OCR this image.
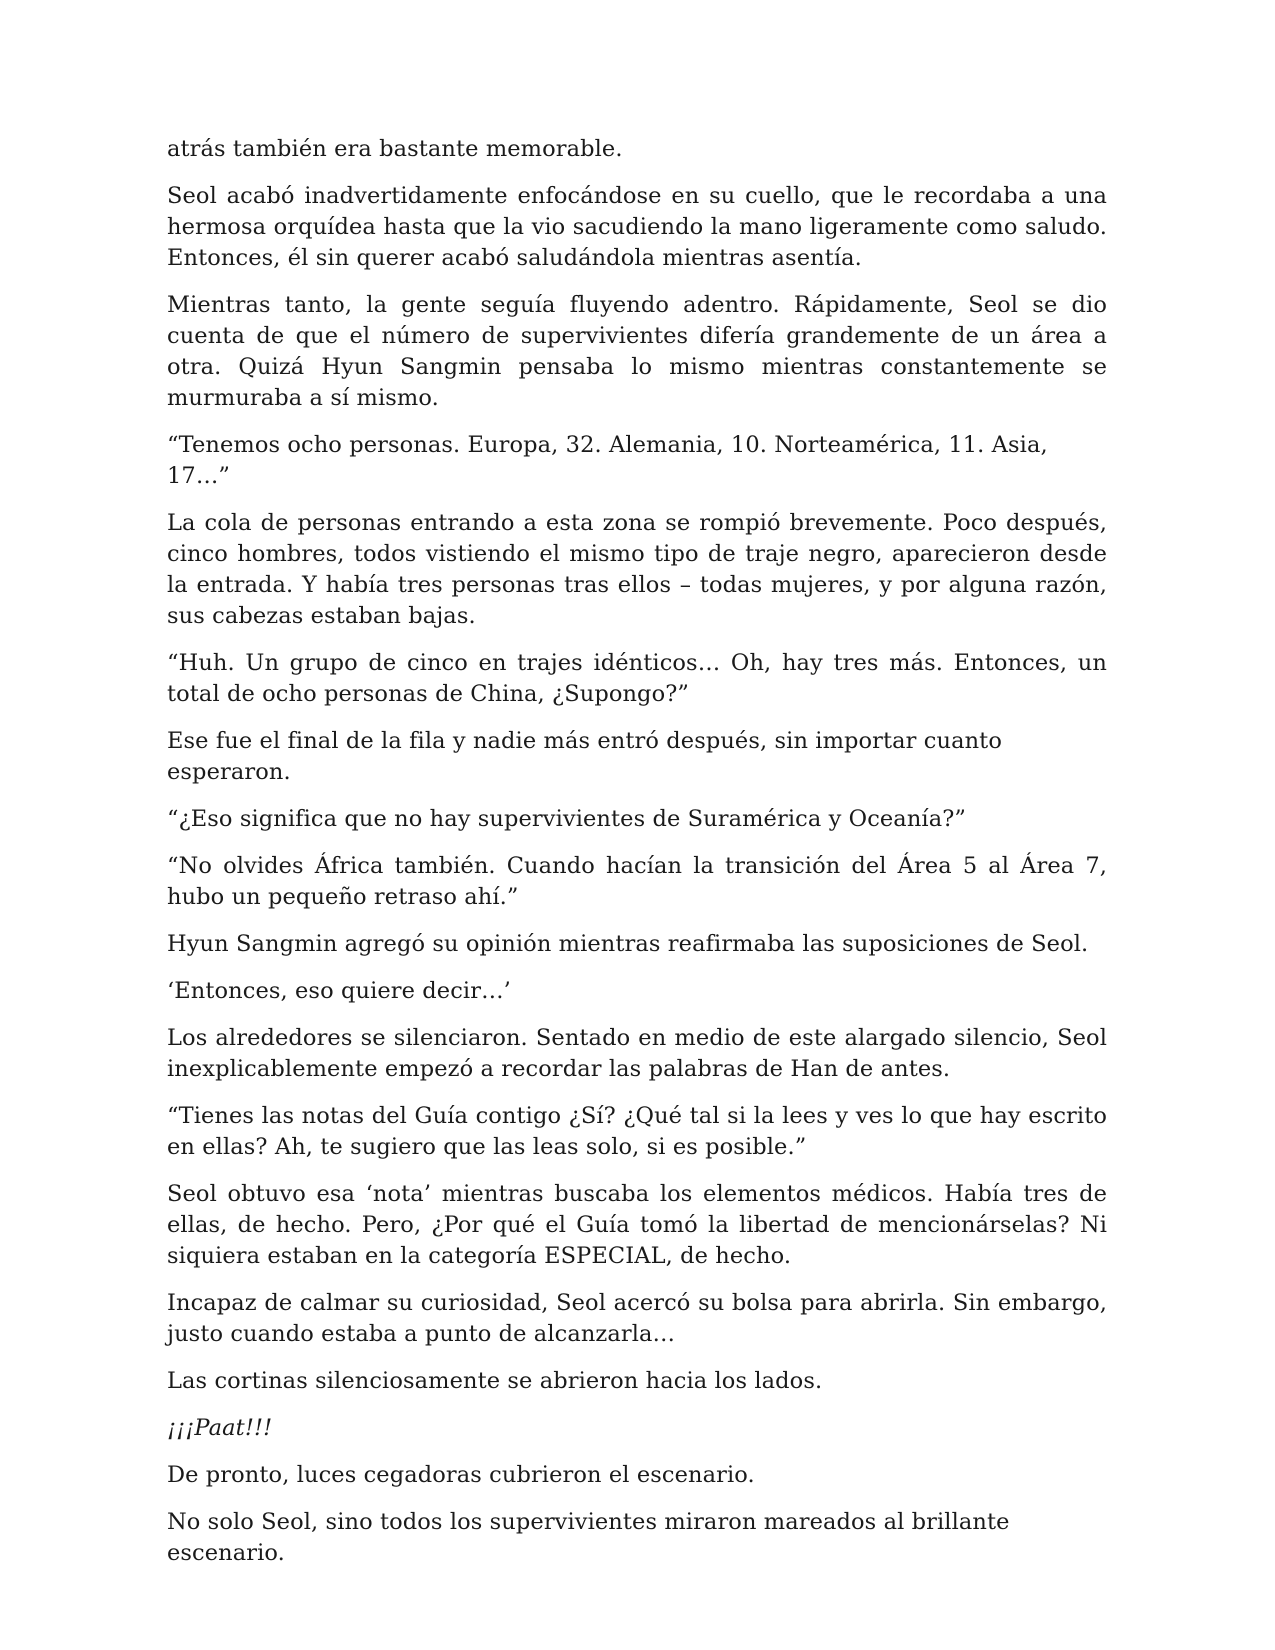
atrás también era bastante memorable.

Seol acabó inadvertidamente enfocándose en su cuello, que le recordaba a una hermosa orquídea hasta que la vio sacudiendo la mano ligeramente como saludo. Entonces, él sin querer acabó saludándola mientras asentía.

Mientras tanto, la gente seguía fluyendo adentro. Rápidamente, Seol se dio cuenta de que el número de supervivientes difería grandemente de un área a otra. Quizá Hyun Sangmin pensaba lo mismo mientras constantemente se murmuraba a sí mismo.

“Tenemos ocho personas. Europa, 32. Alemania, 10. Norteamérica, 11. Asia, 17…”

La cola de personas entrando a esta zona se rompió brevemente. Poco después, cinco hombres, todos vistiendo el mismo tipo de traje negro, aparecieron desde la entrada. Y había tres personas tras ellos – todas mujeres, y por alguna razón, sus cabezas estaban bajas.

“Huh. Un grupo de cinco en trajes idénticos… Oh, hay tres más. Entonces, un total de ocho personas de China, ¿Supongo?”

Ese fue el final de la fila y nadie más entró después, sin importar cuanto esperaron.

“¿Eso significa que no hay supervivientes de Suramérica y Oceanía?”

“No olvides África también. Cuando hacían la transición del Área 5 al Área 7, hubo un pequeño retraso ahí.”

Hyun Sangmin agregó su opinión mientras reafirmaba las suposiciones de Seol.

‘Entonces, eso quiere decir…’

Los alrededores se silenciaron. Sentado en medio de este alargado silencio, Seol inexplicablemente empezó a recordar las palabras de Han de antes.

“Tienes las notas del Guía contigo ¿Sí? ¿Qué tal si la lees y ves lo que hay escrito en ellas? Ah, te sugiero que las leas solo, si es posible.”

Seol obtuvo esa ‘nota’ mientras buscaba los elementos médicos. Había tres de ellas, de hecho. Pero, ¿Por qué el Guía tomó la libertad de mencionárselas? Ni siquiera estaban en la categoría ESPECIAL, de hecho.

Incapaz de calmar su curiosidad, Seol acercó su bolsa para abrirla. Sin embargo, justo cuando estaba a punto de alcanzarla…

Las cortinas silenciosamente se abrieron hacia los lados.

¡¡¡Paat!!!

De pronto, luces cegadoras cubrieron el escenario.

No solo Seol, sino todos los supervivientes miraron mareados al brillante escenario.
